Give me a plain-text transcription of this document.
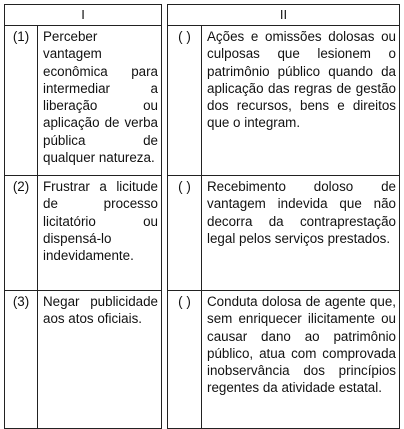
I	
(1)	Perceber vantagem econômica para intermediar a liberação ou aplicação de verba pública de qualquer natureza.
(2)	Frustrar a licitude de processo licitatório ou dispensá-lo indevidamente.
(3)	Negar publicidade aos atos oficiais.
II	
( )	Ações e omissões dolosas ou culposas que lesionem o patrimônio público quando da aplicação das regras de gestão dos recursos, bens e direitos que o integram.
( )	Recebimento doloso de vantagem indevida que não decorra da contraprestação legal pelos serviços prestados.
( )	Conduta dolosa de agente que, sem enriquecer ilicitamente ou causar dano ao patrimônio público, atua com comprovada inobservância dos princípios regentes da atividade estatal.
